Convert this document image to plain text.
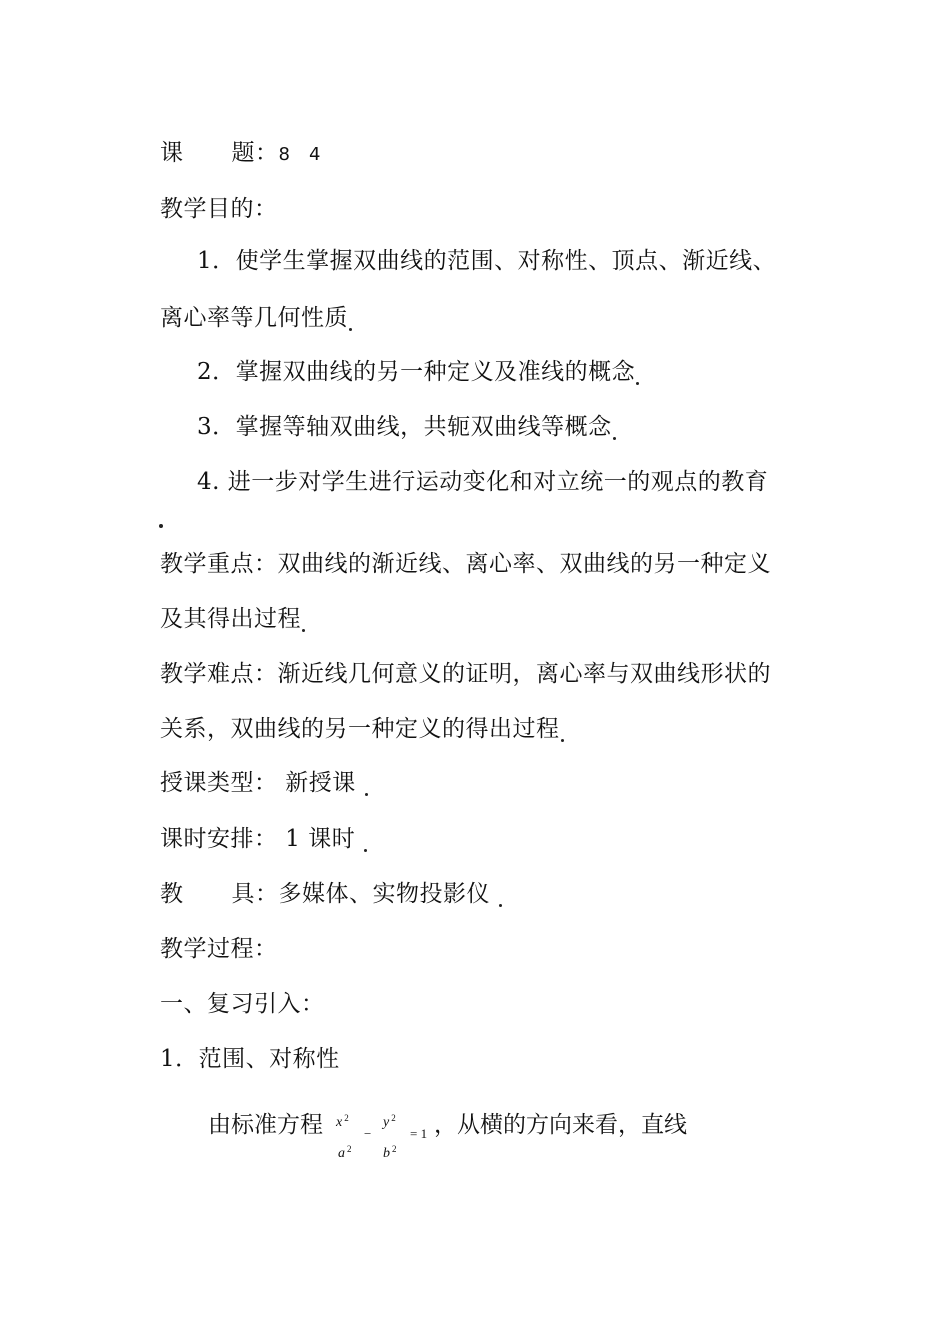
课 题：8　4
教学目的：
1．使学生掌握双曲线的范围、对称性、顶点、渐近线、
离心率等几何性质
2．掌握双曲线的另一种定义及准线的概念
3．掌握等轴双曲线，共轭双曲线等概念
4. 进一步对学生进行运动变化和对立统一的观点的教育
教学重点：双曲线的渐近线、离心率、双曲线的另一种定义
及其得出过程
教学难点：渐近线几何意义的证明，离心率与双曲线形状的
关系，双曲线的另一种定义的得出过程
授课类型： 新授课
课时安排： 1 课时
教 具：多媒体、实物投影仪
教学过程：
一、复习引入：
1．范围、对称性
由标准方程 x $^2$
a $^2$
−
y $^2$
b $^2$
= 1 ，从横的方向来看，直线
